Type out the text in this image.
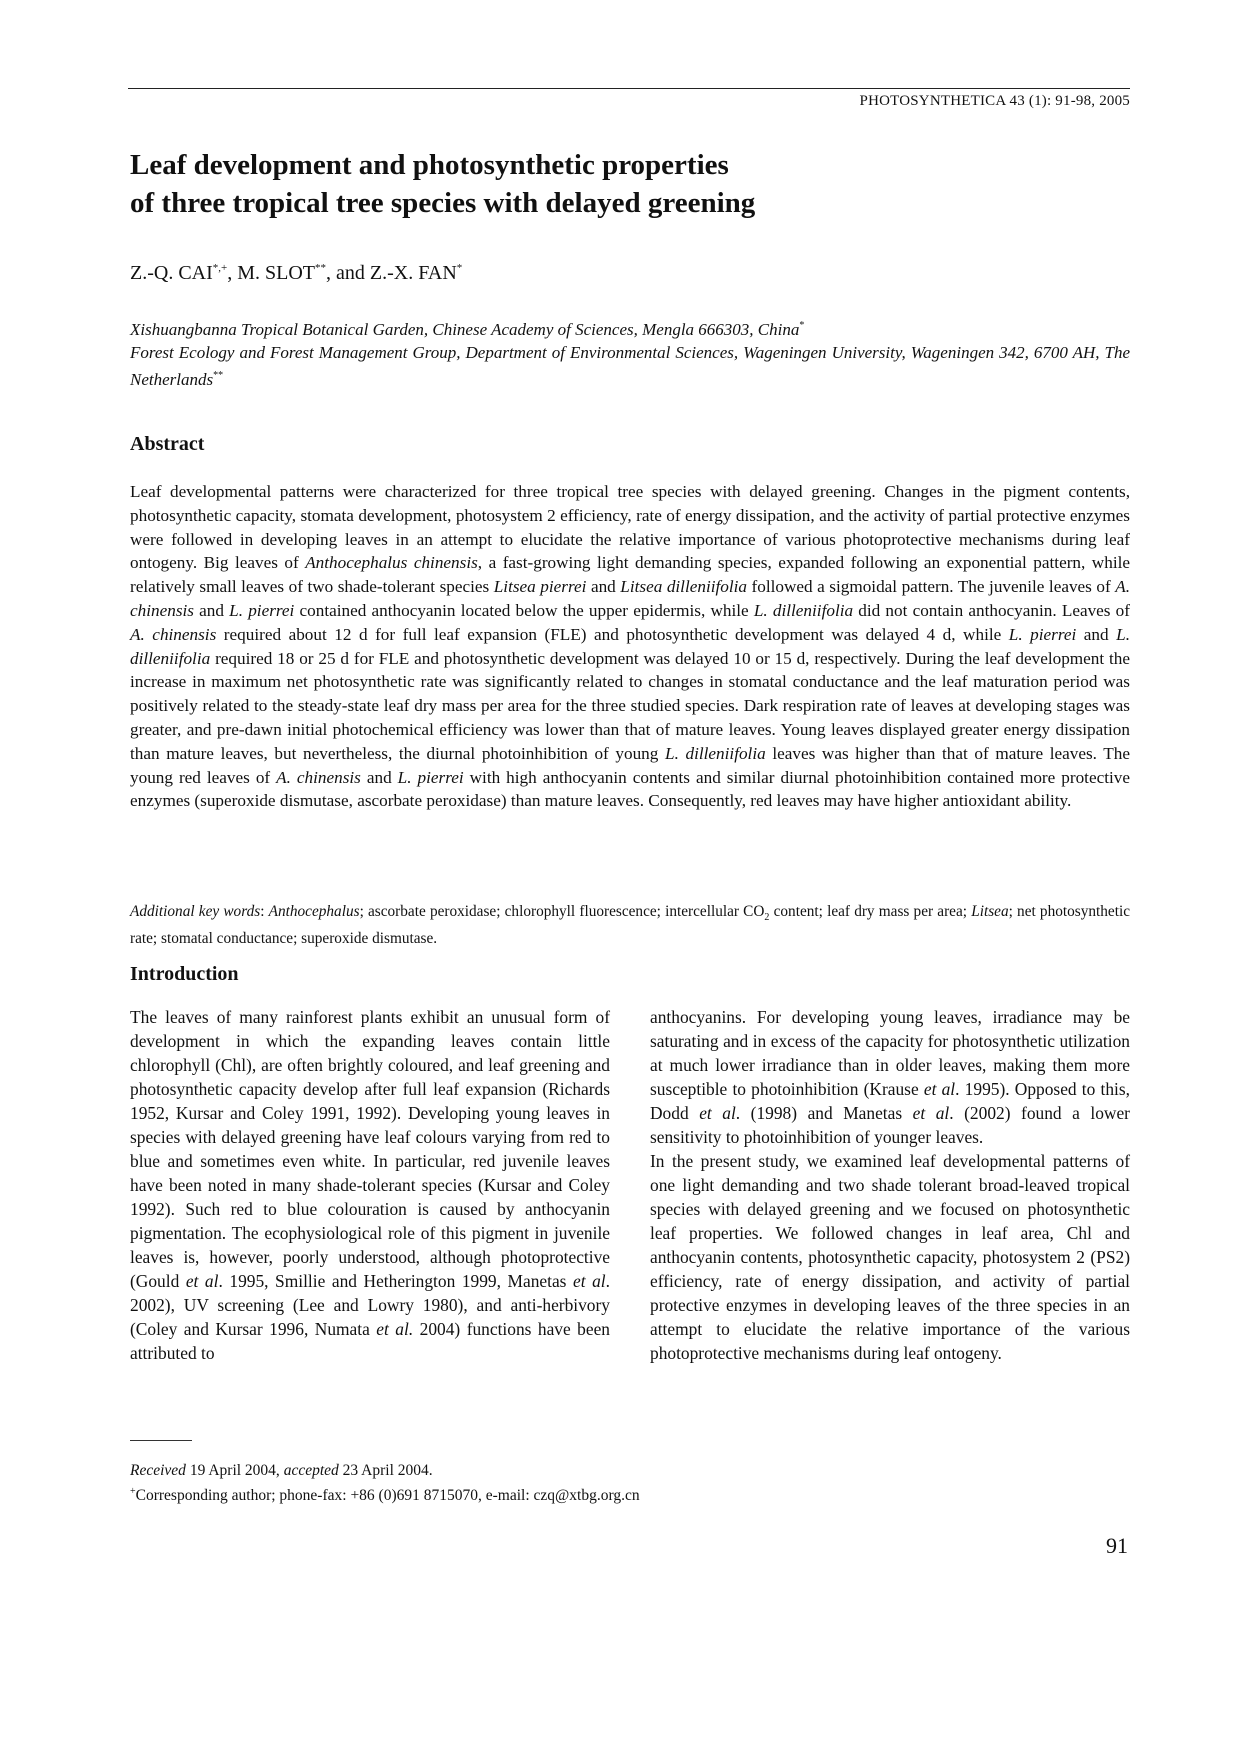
PHOTOSYNTHETICA 43 (1): 91-98, 2005
Leaf development and photosynthetic properties
of three tropical tree species with delayed greening
Z.-Q. CAI*,+, M. SLOT**, and Z.-X. FAN*

Xishuangbanna Tropical Botanical Garden, Chinese Academy of Sciences, Mengla 666303, China*

Forest Ecology and Forest Management Group, Department of Environmental Sciences, Wageningen University, Wageningen 342, 6700 AH, The Netherlands**

Abstract

Leaf developmental patterns were characterized for three tropical tree species with delayed greening. Changes in the pigment contents, photosynthetic capacity, stomata development, photosystem 2 efficiency, rate of energy dissipation, and the activity of partial protective enzymes were followed in developing leaves in an attempt to elucidate the relative importance of various photoprotective mechanisms during leaf ontogeny. Big leaves of Anthocephalus chinensis, a fast-growing light demanding species, expanded following an exponential pattern, while relatively small leaves of two shade-tolerant species Litsea pierrei and Litsea dilleniifolia followed a sigmoidal pattern. The juvenile leaves of A. chinensis and L. pierrei contained anthocyanin located below the upper epidermis, while L. dilleniifolia did not contain anthocyanin. Leaves of A. chinensis required about 12 d for full leaf expansion (FLE) and photosynthetic development was delayed 4 d, while L. pierrei and L. dilleniifolia required 18 or 25 d for FLE and photosynthetic development was delayed 10 or 15 d, respectively. During the leaf development the increase in maximum net photosynthetic rate was significantly related to changes in stomatal conductance and the leaf maturation period was positively related to the steady-state leaf dry mass per area for the three studied species. Dark respiration rate of leaves at developing stages was greater, and pre-dawn initial photochemical efficiency was lower than that of mature leaves. Young leaves displayed greater energy dissipation than mature leaves, but nevertheless, the diurnal photoinhibition of young L. dilleniifolia leaves was higher than that of mature leaves. The young red leaves of A. chinensis and L. pierrei with high anthocyanin contents and similar diurnal photoinhibition contained more protective enzymes (superoxide dismutase, ascorbate peroxidase) than mature leaves. Consequently, red leaves may have higher antioxidant ability.

Additional key words: Anthocephalus; ascorbate peroxidase; chlorophyll fluorescence; intercellular $CO_2$ content; leaf dry mass per area; Litsea; net photosynthetic rate; stomatal conductance; superoxide dismutase.

Introduction

The leaves of many rainforest plants exhibit an unusual form of development in which the expanding leaves contain little chlorophyll (Chl), are often brightly coloured, and leaf greening and photosynthetic capacity develop after full leaf expansion (Richards 1952, Kursar and Coley 1991, 1992). Developing young leaves in species with delayed greening have leaf colours varying from red to blue and sometimes even white. In particular, red juvenile leaves have been noted in many shade-tolerant species (Kursar and Coley 1992). Such red to blue colouration is caused by anthocyanin pigmentation. The ecophysiological role of this pigment in juvenile leaves is, however, poorly understood, although photoprotective (Gould et al. 1995, Smillie and Hetherington 1999, Manetas et al. 2002), UV screening (Lee and Lowry 1980), and anti-herbivory (Coley and Kursar 1996, Numata et al. 2004) functions have been attributed to

anthocyanins. For developing young leaves, irradiance may be saturating and in excess of the capacity for photosynthetic utilization at much lower irradiance than in older leaves, making them more susceptible to photoinhibition (Krause et al. 1995). Opposed to this, Dodd et al. (1998) and Manetas et al. (2002) found a lower sensitivity to photoinhibition of younger leaves.

In the present study, we examined leaf developmental patterns of one light demanding and two shade tolerant broad-leaved tropical species with delayed greening and we focused on photosynthetic leaf properties. We followed changes in leaf area, Chl and anthocyanin contents, photosynthetic capacity, photosystem 2 (PS2) efficiency, rate of energy dissipation, and activity of partial protective enzymes in developing leaves of the three species in an attempt to elucidate the relative importance of the various photoprotective mechanisms during leaf ontogeny.

Received 19 April 2004, accepted 23 April 2004.

+Corresponding author; phone-fax: +86 (0)691 8715070, e-mail: czq@xtbg.org.cn

91
